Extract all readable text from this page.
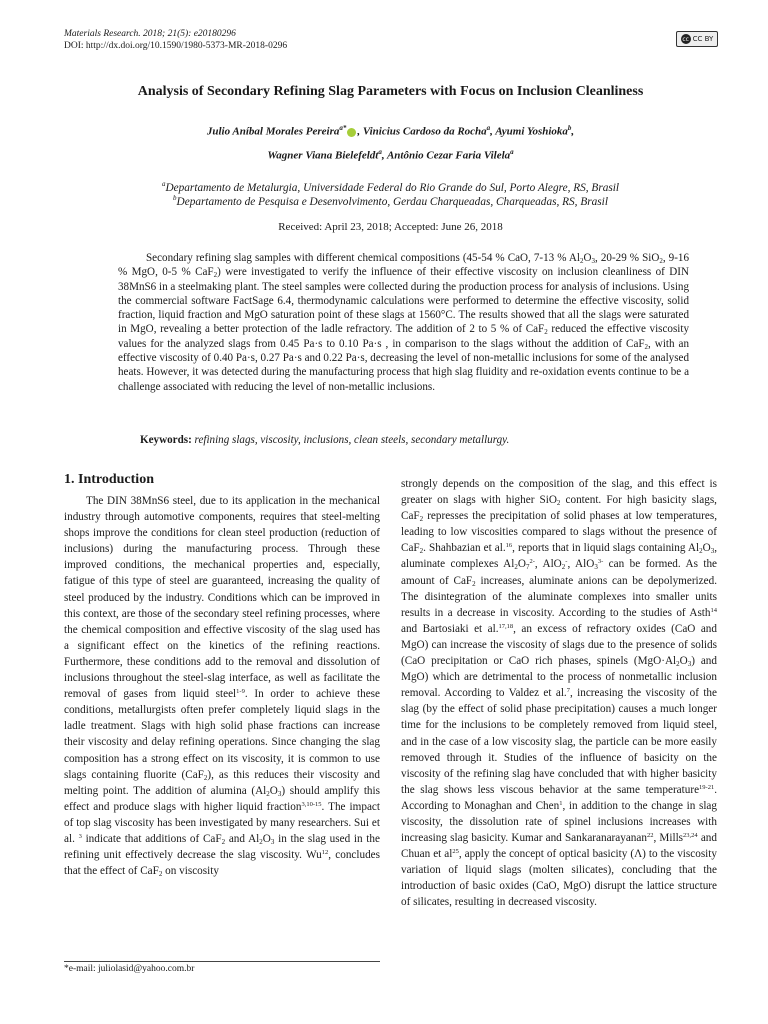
Materials Research. 2018; 21(5): e20180296
DOI: http://dx.doi.org/10.1590/1980-5373-MR-2018-0296
cc CC BY
Analysis of Secondary Refining Slag Parameters with Focus on Inclusion Cleanliness
Julio Aníbal Morales Pereira$^{a*}$ , Vinicius Cardoso da Rocha$^a$, Ayumi Yoshioka$^b$,
Wagner Viana Bielefeldt$^a$, Antônio Cezar Faria Vilela$^a$
$^a$Departamento de Metalurgia, Universidade Federal do Rio Grande do Sul, Porto Alegre, RS, Brasil
$^b$Departamento de Pesquisa e Desenvolvimento, Gerdau Charqueadas, Charqueadas, RS, Brasil
Received: April 23, 2018; Accepted: June 26, 2018
Secondary refining slag samples with different chemical compositions (45-54 % CaO, 7-13 % $Al_2O_3$, 20-29 % SiO$_2$, 9-16 % MgO, 0-5 % CaF$_2$) were investigated to verify the influence of their effective viscosity on inclusion cleanliness of DIN 38MnS6 in a steelmaking plant. The steel samples were collected during the production process for analysis of inclusions. Using the commercial software FactSage 6.4, thermodynamic calculations were performed to determine the effective viscosity, solid fraction, liquid fraction and MgO saturation point of these slags at 1560°C. The results showed that all the slags were saturated in MgO, revealing a better protection of the ladle refractory. The addition of 2 to 5 % of CaF$_2$ reduced the effective viscosity values for the analyzed slags from 0.45 Pa·s to 0.10 Pa·s , in comparison to the slags without the addition of CaF$_2$, with an effective viscosity of 0.40 Pa·s, 0.27 Pa·s and 0.22 Pa·s, decreasing the level of non-metallic inclusions for some of the analysed heats. However, it was detected during the manufacturing process that high slag fluidity and re-oxidation events continue to be a challenge associated with reducing the level of non-metallic inclusions.
Keywords: refining slags, viscosity, inclusions, clean steels, secondary metallurgy.
1. Introduction
The DIN 38MnS6 steel, due to its application in the mechanical industry through automotive components, requires that steel-melting shops improve the conditions for clean steel production (reduction of inclusions) during the manufacturing process. Through these improved conditions, the mechanical properties and, especially, fatigue of this type of steel are guaranteed, increasing the quality of steel produced by the industry. Conditions which can be improved in this context, are those of the secondary steel refining processes, where the chemical composition and effective viscosity of the slag used has a significant effect on the kinetics of the refining reactions. Furthermore, these conditions add to the removal and dissolution of inclusions throughout the steel-slag interface, as well as facilitate the removal of gases from liquid steel$^{1-9}$. In order to achieve these conditions, metallurgists often prefer completely liquid slags in the ladle treatment. Slags with high solid phase fractions can increase their viscosity and delay refining operations. Since changing the slag composition has a strong effect on its viscosity, it is common to use slags containing fluorite (CaF$_2$), as this reduces their viscosity and melting point. The addition of alumina $(Al_2O_3)$ should amplify this effect and produce slags with higher liquid fraction$^{3,10-15}$. The impact of top slag viscosity has been investigated by many researchers. Sui et al. $^3$ indicate that additions of CaF$_2$ and $Al_2O_3$ in the slag used in the refining unit effectively decrease the slag viscosity. Wu$^{12}$, concludes that the effect of CaF$_2$ on viscosity
strongly depends on the composition of the slag, and this effect is greater on slags with higher SiO$_2$ content. For high basicity slags, CaF$_2$ represses the precipitation of solid phases at low temperatures, leading to low viscosities compared to slags without the presence of CaF$_2$. Shahbazian et al.$^{16}$, reports that in liquid slags containing $Al_2O_3$, aluminate complexes $Al_2O_7^{2-}$, AlO$_2$-, AlO$_3^{3-}$ can be formed. As the amount of CaF$_2$ increases, aluminate anions can be depolymerized. The disintegration of the aluminate complexes into smaller units results in a decrease in viscosity. According to the studies of Asth$^{14}$ and Bartosiaki et al.$^{17,18}$, an excess of refractory oxides (CaO and MgO) can increase the viscosity of slags due to the presence of solids (CaO precipitation or CaO rich phases, spinels $(MgO\cdot Al_2O_3)$ and MgO) which are detrimental to the process of nonmetallic inclusion removal. According to Valdez et al.$^7$, increasing the viscosity of the slag (by the effect of solid phase precipitation) causes a much longer time for the inclusions to be completely removed from liquid steel, and in the case of a low viscosity slag, the particle can be more easily removed through it. Studies of the influence of basicity on the viscosity of the refining slag have concluded that with higher basicity the slag shows less viscous behavior at the same temperature$^{19-21}$. According to Monaghan and Chen$^1$, in addition to the change in slag viscosity, the dissolution rate of spinel inclusions increases with increasing slag basicity. Kumar and Sankaranarayanan$^{22}$, Mills$^{23,24}$ and Chuan et $al^{25}$, apply the concept of optical basicity (Λ) to the viscosity variation of liquid slags (molten silicates), concluding that the introduction of basic oxides (CaO, MgO) disrupt the lattice structure of silicates, resulting in decreased viscosity.
*e-mail: juliolasid@yahoo.com.br
